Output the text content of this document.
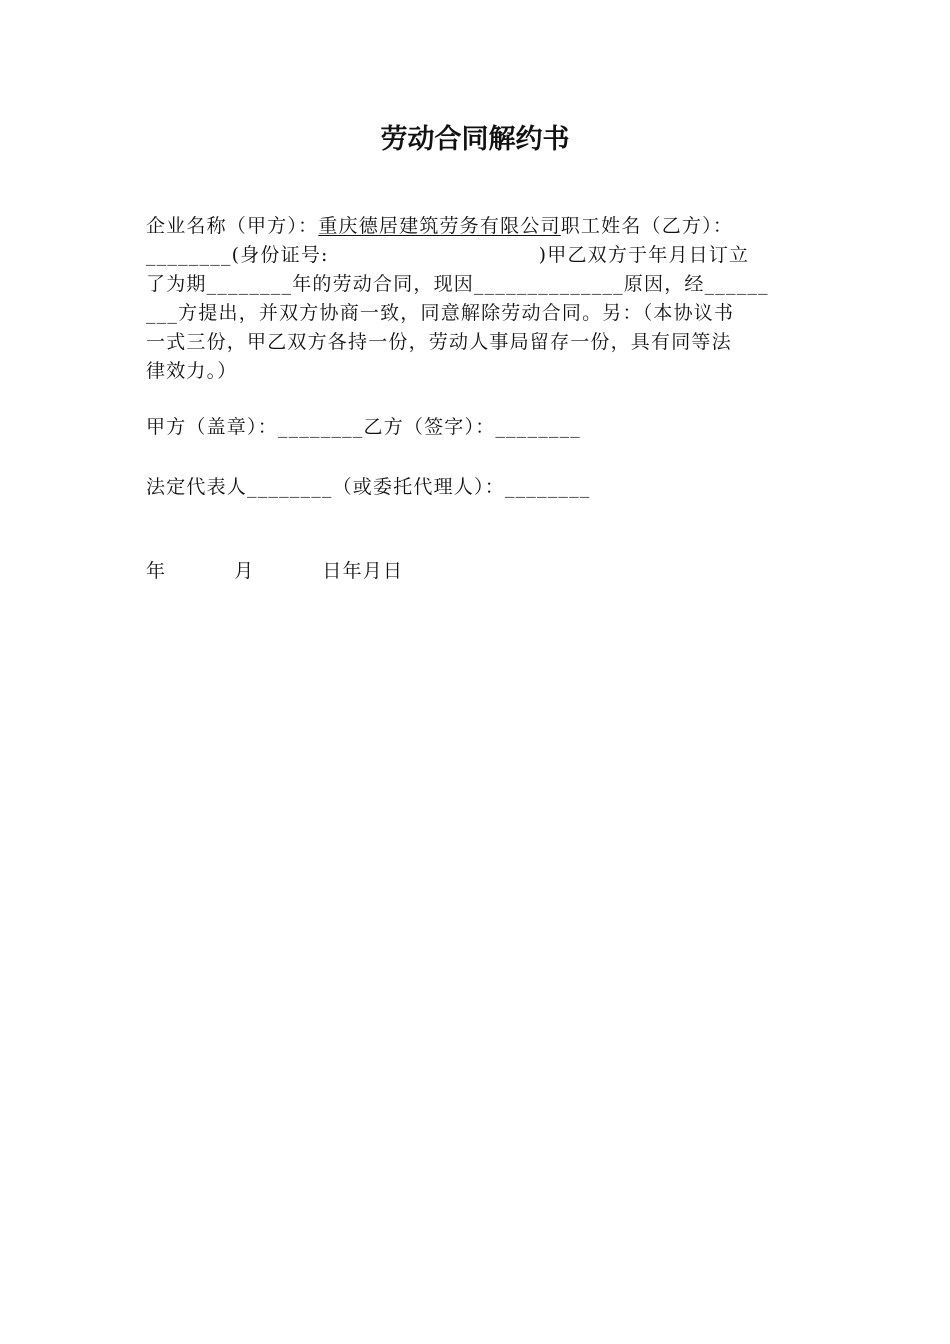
劳动合同解约书
企业名称（甲方）：重庆德居建筑劳务有限公司职工姓名（乙方）：
________(身份证号:	)甲乙双方于年月日订立
了为期________年的劳动合同，现因______________原因，经______
___方提出，并双方协商一致，同意解除劳动合同。另：（本协议书
一式三份，甲乙双方各持一份，劳动人事局留存一份，具有同等法
律效力。）
甲方（盖章）：________乙方（签字）：________
法定代表人________（或委托代理人）：________
年	月	日年月日
